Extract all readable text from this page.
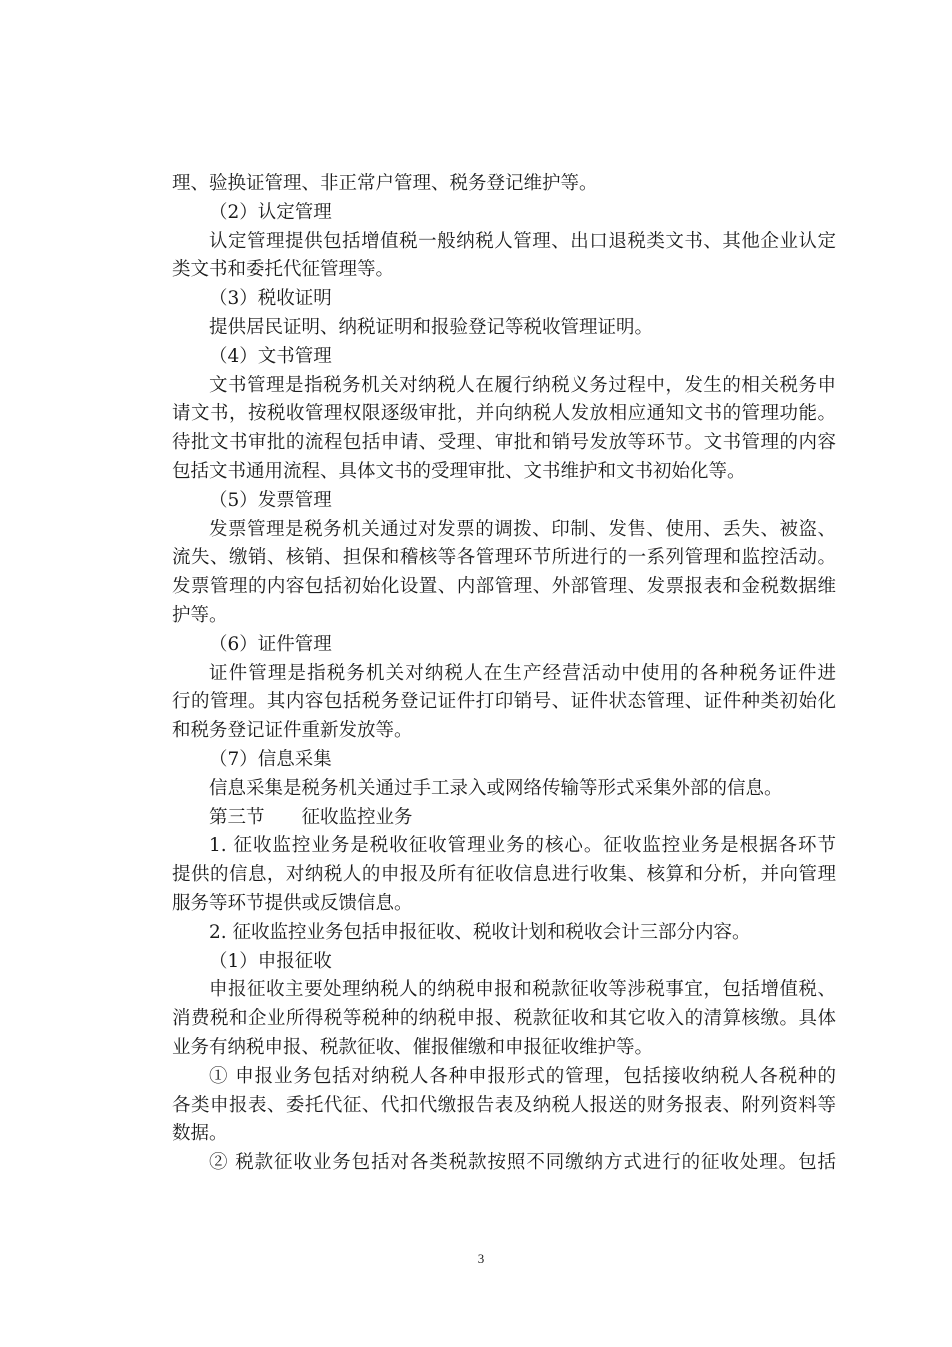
理、验换证管理、非正常户管理、税务登记维护等。
（2）认定管理
认定管理提供包括增值税一般纳税人管理、出口退税类文书、其他企业认定
类文书和委托代征管理等。
（3）税收证明
提供居民证明、纳税证明和报验登记等税收管理证明。
（4）文书管理
文书管理是指税务机关对纳税人在履行纳税义务过程中，发生的相关税务申
请文书，按税收管理权限逐级审批，并向纳税人发放相应通知文书的管理功能。
待批文书审批的流程包括申请、受理、审批和销号发放等环节。文书管理的内容
包括文书通用流程、具体文书的受理审批、文书维护和文书初始化等。
（5）发票管理
发票管理是税务机关通过对发票的调拨、印制、发售、使用、丢失、被盗、
流失、缴销、核销、担保和稽核等各管理环节所进行的一系列管理和监控活动。
发票管理的内容包括初始化设置、内部管理、外部管理、发票报表和金税数据维
护等。
（6）证件管理
证件管理是指税务机关对纳税人在生产经营活动中使用的各种税务证件进
行的管理。其内容包括税务登记证件打印销号、证件状态管理、证件种类初始化
和税务登记证件重新发放等。
（7）信息采集
信息采集是税务机关通过手工录入或网络传输等形式采集外部的信息。
第三节　　征收监控业务
1. 征收监控业务是税收征收管理业务的核心。征收监控业务是根据各环节
提供的信息，对纳税人的申报及所有征收信息进行收集、核算和分析，并向管理
服务等环节提供或反馈信息。
2. 征收监控业务包括申报征收、税收计划和税收会计三部分内容。
（1）申报征收
申报征收主要处理纳税人的纳税申报和税款征收等涉税事宜，包括增值税、
消费税和企业所得税等税种的纳税申报、税款征收和其它收入的清算核缴。具体
业务有纳税申报、税款征收、催报催缴和申报征收维护等。
① 申报业务包括对纳税人各种申报形式的管理，包括接收纳税人各税种的
各类申报表、委托代征、代扣代缴报告表及纳税人报送的财务报表、附列资料等
数据。
② 税款征收业务包括对各类税款按照不同缴纳方式进行的征收处理。包括
3
